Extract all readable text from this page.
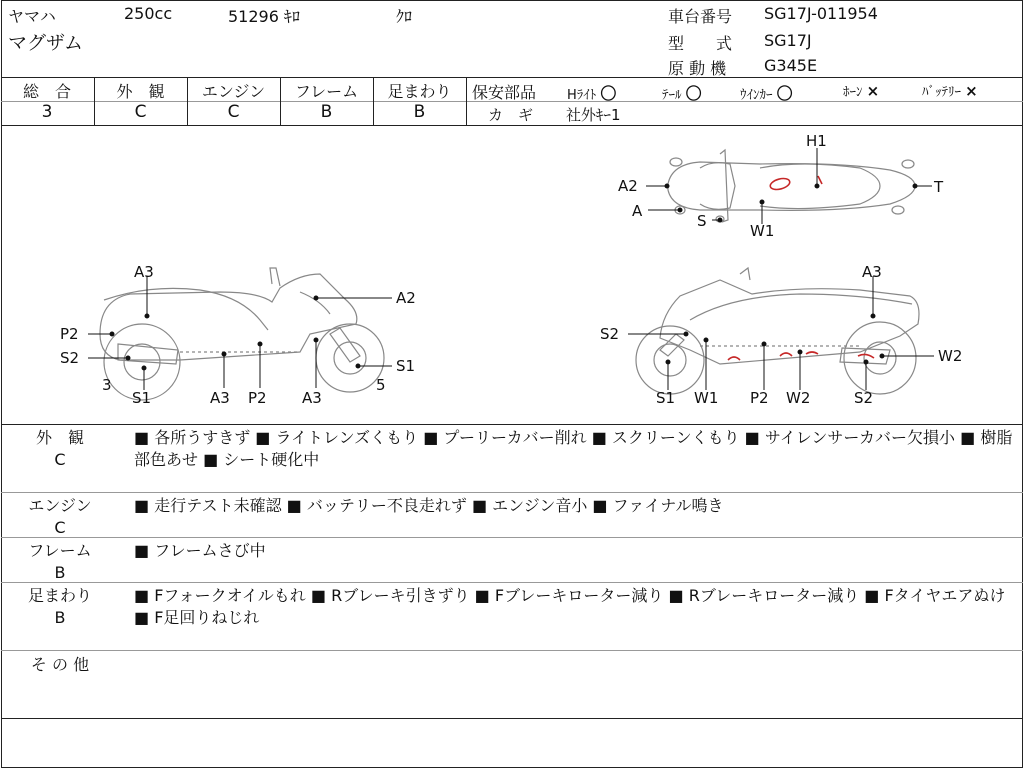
ヤマハ	250cc	51296 ｷﾛ	ｸﾛ
マグザム
車台番号 SG17J-011954
型　　式 SG17J
原 動 機 G345E
総　合
3
外　観
C
エンジン
C
フレーム
B
足まわり
B
保安部品 Hﾗｲﾄ 〇	ﾃｰﾙ 〇	ｳｲﾝｶｰ 〇	ﾎｰﾝ ×	ﾊﾞｯﾃﾘｰ ×
カ　ギ 社外ｷｰ1
H1
A2
A
S
W1
T
A3
A2
P2
S2	S1
3
S1	A3 P2 A3
5
A3
S2
W2
S1 W1 P2 W2	S2
外　観
C
■ 各所うすきず ■ ライトレンズくもり ■ プーリーカバー削れ ■ スクリーンくもり ■ サイレンサーカバー欠損小 ■ 樹脂部色あせ ■ シート硬化中
エンジン
C
■ 走行テスト未確認 ■ バッテリー不良走れず ■ エンジン音小 ■ ファイナル鳴き
フレーム
B
■ フレームさび中
足まわり
B
■ Fフォークオイルもれ ■ Rブレーキ引きずり ■ Fブレーキローター減り ■ Rブレーキローター減り ■ Fタイヤエアぬけ ■ F足回りねじれ
そ の 他
